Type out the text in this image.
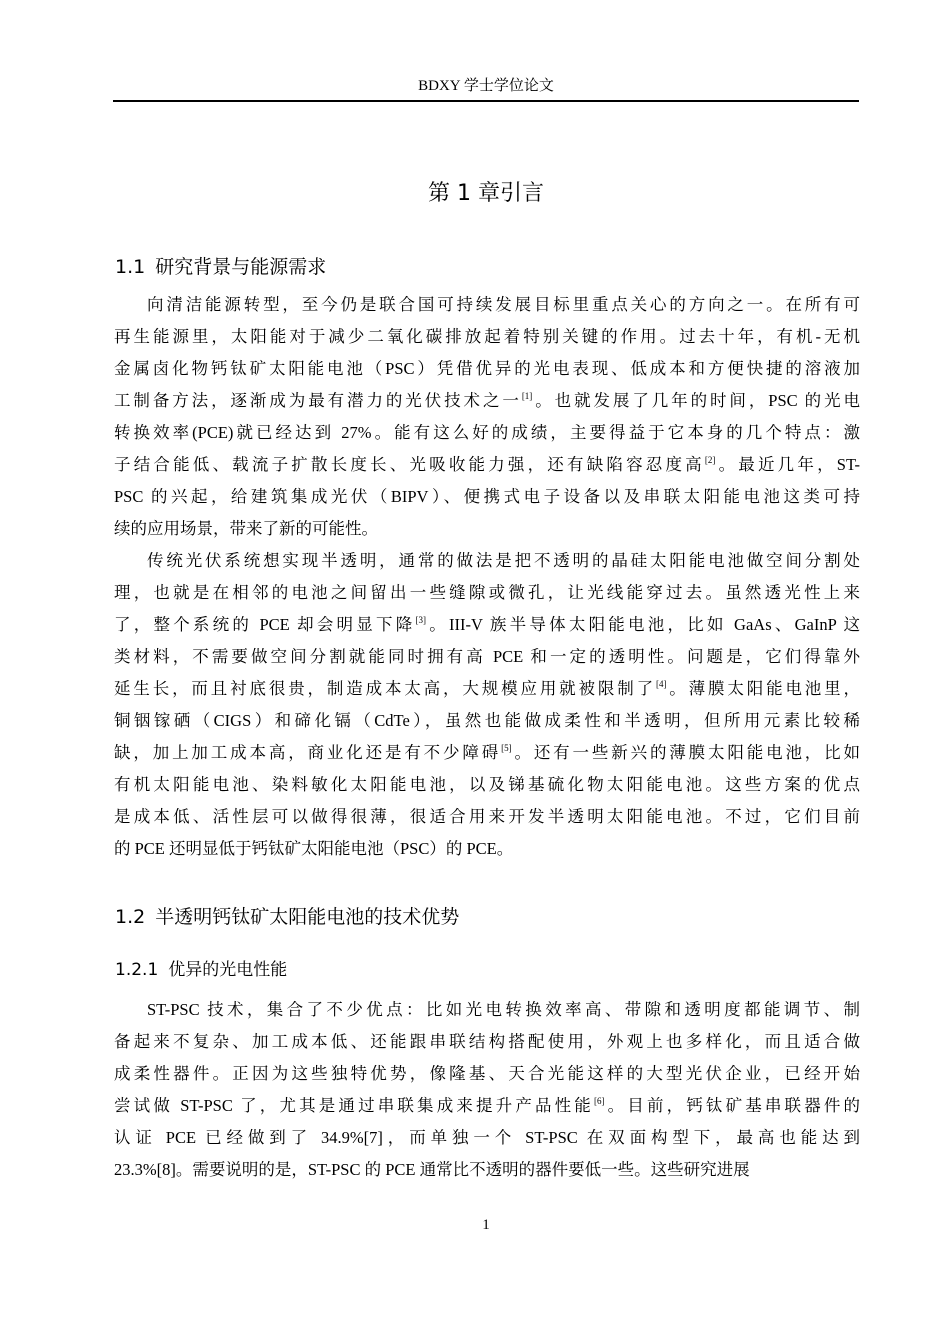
BDXY 学士学位论文
第 1 章引言
1.1 研究背景与能源需求
向清洁能源转型，至今仍是联合国可持续发展目标里重点关心的方向之一。在所有可
再生能源里，太阳能对于减少二氧化碳排放起着特别关键的作用。过去十年，有机-无机
金属卤化物钙钛矿太阳能电池（PSC）凭借优异的光电表现、低成本和方便快捷的溶液加
工制备方法，逐渐成为最有潜力的光伏技术之一[1]。也就发展了几年的时间，PSC 的光电
转换效率(PCE)就已经达到 27%。能有这么好的成绩，主要得益于它本身的几个特点：激
子结合能低、载流子扩散长度长、光吸收能力强，还有缺陷容忍度高[2]。最近几年，ST-
PSC 的兴起，给建筑集成光伏（BIPV）、便携式电子设备以及串联太阳能电池这类可持
续的应用场景，带来了新的可能性。
传统光伏系统想实现半透明，通常的做法是把不透明的晶硅太阳能电池做空间分割处
理，也就是在相邻的电池之间留出一些缝隙或微孔，让光线能穿过去。虽然透光性上来
了，整个系统的 PCE 却会明显下降[3]。III-V 族半导体太阳能电池，比如 GaAs、GaInP 这
类材料，不需要做空间分割就能同时拥有高 PCE 和一定的透明性。问题是，它们得靠外
延生长，而且衬底很贵，制造成本太高，大规模应用就被限制了[4]。薄膜太阳能电池里，
铜铟镓硒（CIGS）和碲化镉（CdTe），虽然也能做成柔性和半透明，但所用元素比较稀
缺，加上加工成本高，商业化还是有不少障碍[5]。还有一些新兴的薄膜太阳能电池，比如
有机太阳能电池、染料敏化太阳能电池，以及锑基硫化物太阳能电池。这些方案的优点
是成本低、活性层可以做得很薄，很适合用来开发半透明太阳能电池。不过，它们目前
的 PCE 还明显低于钙钛矿太阳能电池（PSC）的 PCE。
1.2 半透明钙钛矿太阳能电池的技术优势
1.2.1 优异的光电性能
ST-PSC 技术，集合了不少优点：比如光电转换效率高、带隙和透明度都能调节、制
备起来不复杂、加工成本低、还能跟串联结构搭配使用，外观上也多样化，而且适合做
成柔性器件。正因为这些独特优势，像隆基、天合光能这样的大型光伏企业，已经开始
尝试做 ST-PSC 了，尤其是通过串联集成来提升产品性能[6]。目前，钙钛矿基串联器件的
认证 PCE 已经做到了 34.9%[7]，而单独一个 ST-PSC 在双面构型下，最高也能达到
23.3%[8]。需要说明的是，ST-PSC 的 PCE 通常比不透明的器件要低一些。这些研究进展
1
